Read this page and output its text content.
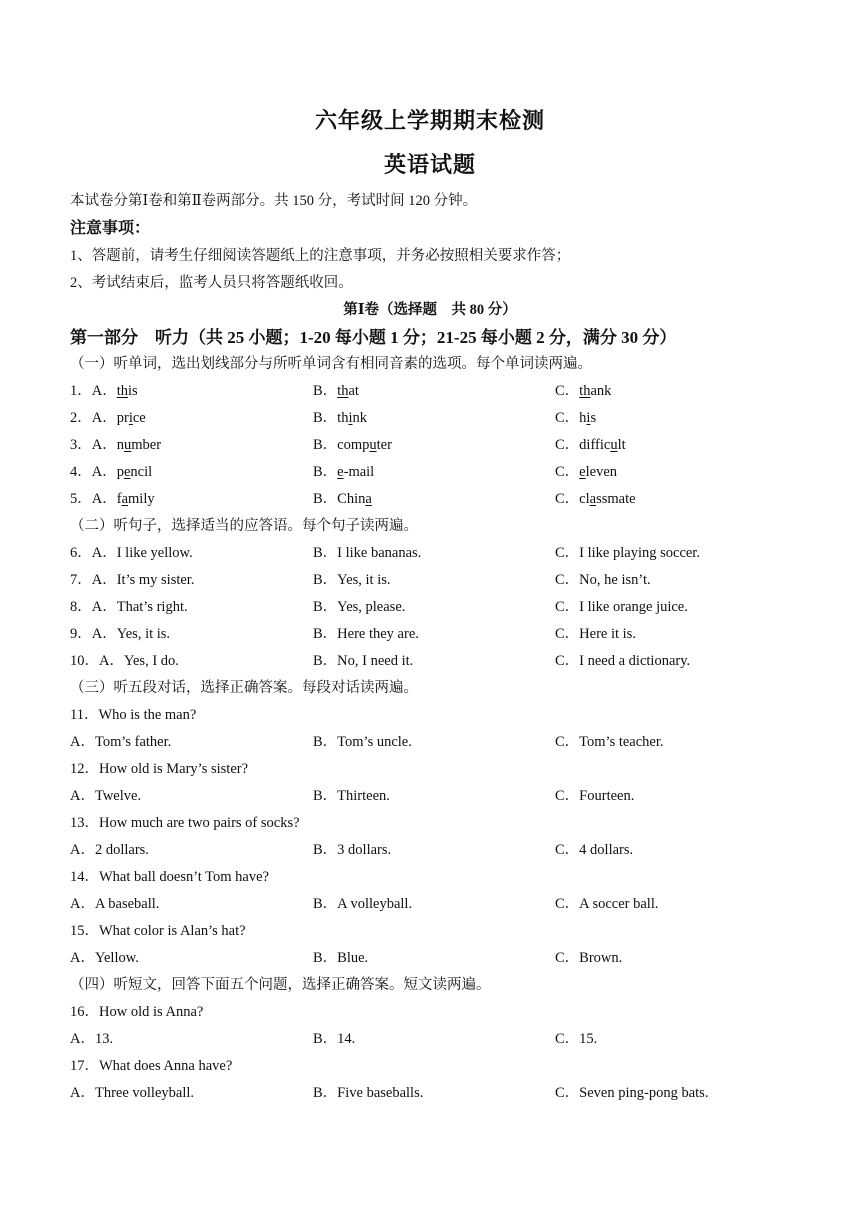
六年级上学期期末检测
英语试题
本试卷分第Ⅰ卷和第Ⅱ卷两部分。共 150 分，考试时间 120 分钟。
注意事项：
1、答题前，请考生仔细阅读答题纸上的注意事项，并务必按照相关要求作答；
2、考试结束后，监考人员只将答题纸收回。
第Ⅰ卷（选择题　共 80 分）
第一部分　听力（共 25 小题；1-20 每小题 1 分；21-25 每小题 2 分，满分 30 分）
（一）听单词，选出划线部分与所听单词含有相同音素的选项。每个单词读两遍。
1．A．this	B．that	C．thank
2．A．price	B．think	C．his
3．A．number	B．computer	C．difficult
4．A．pencil	B．e-mail	C．eleven
5．A．family	B．China	C．classmate
（二）听句子，选择适当的应答语。每个句子读两遍。
6．A．I like yellow.	B．I like bananas.	C．I like playing soccer.
7．A．It’s my sister.	B．Yes, it is.	C．No, he isn’t.
8．A．That’s right.	B．Yes, please.	C．I like orange juice.
9．A．Yes, it is.	B．Here they are.	C．Here it is.
10．A．Yes, I do.	B．No, I need it.	C．I need a dictionary.
（三）听五段对话，选择正确答案。每段对话读两遍。
11．Who is the man?
A．Tom’s father.	B．Tom’s uncle.	C．Tom’s teacher.
12．How old is Mary’s sister?
A．Twelve.	B．Thirteen.	C．Fourteen.
13．How much are two pairs of socks?
A．2 dollars.	B．3 dollars.	C．4 dollars.
14．What ball doesn’t Tom have?
A．A baseball.	B．A volleyball.	C．A soccer ball.
15．What color is Alan’s hat?
A．Yellow.	B．Blue.	C．Brown.
（四）听短文，回答下面五个问题，选择正确答案。短文读两遍。
16．How old is Anna?
A．13.	B．14.	C．15.
17．What does Anna have?
A．Three volleyball.	B．Five baseballs.	C．Seven ping-pong bats.
